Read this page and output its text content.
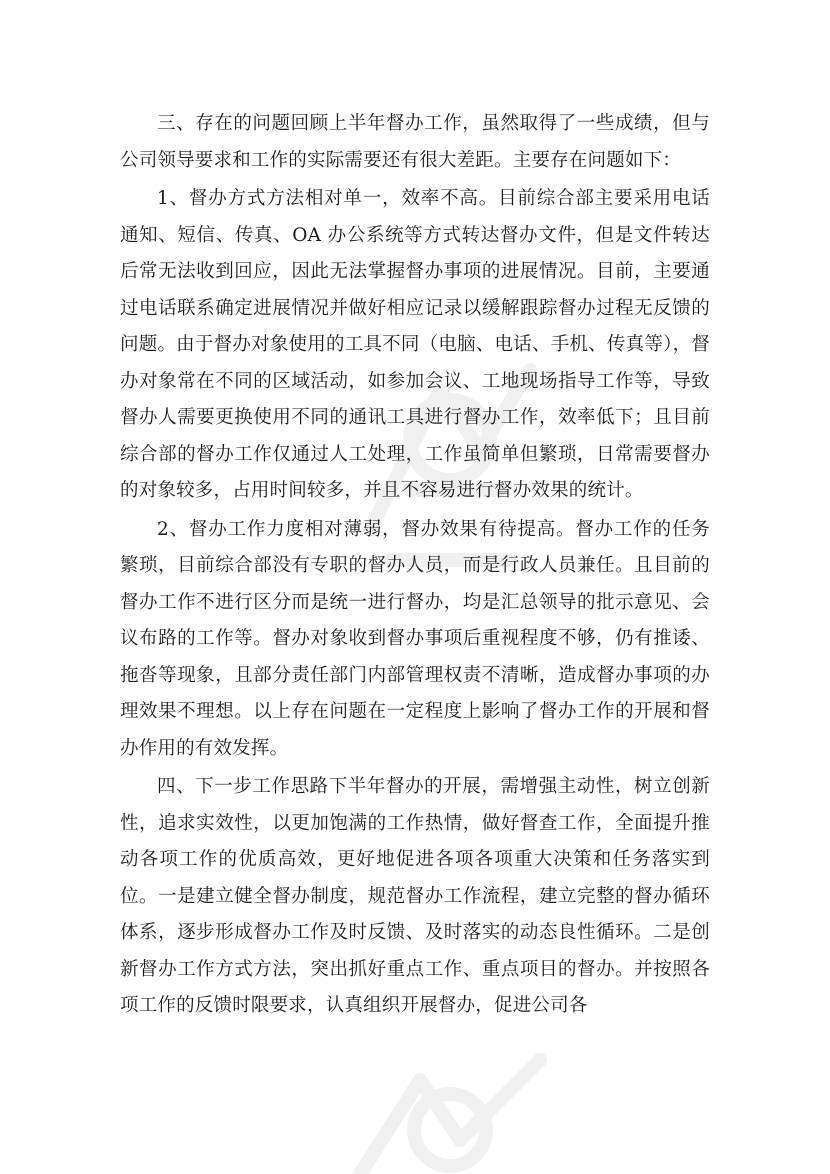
三、存在的问题回顾上半年督办工作，虽然取得了一些成绩，但与公司领导要求和工作的实际需要还有很大差距。主要存在问题如下：

1、督办方式方法相对单一，效率不高。目前综合部主要采用电话通知、短信、传真、OA 办公系统等方式转达督办文件，但是文件转达后常无法收到回应，因此无法掌握督办事项的进展情况。目前，主要通过电话联系确定进展情况并做好相应记录以缓解跟踪督办过程无反馈的问题。由于督办对象使用的工具不同（电脑、电话、手机、传真等），督办对象常在不同的区域活动，如参加会议、工地现场指导工作等，导致督办人需要更换使用不同的通讯工具进行督办工作，效率低下；且目前综合部的督办工作仅通过人工处理，工作虽简单但繁琐，日常需要督办的对象较多，占用时间较多，并且不容易进行督办效果的统计。

2、督办工作力度相对薄弱，督办效果有待提高。督办工作的任务繁琐，目前综合部没有专职的督办人员，而是行政人员兼任。且目前的督办工作不进行区分而是统一进行督办，均是汇总领导的批示意见、会议布路的工作等。督办对象收到督办事项后重视程度不够，仍有推诿、拖沓等现象，且部分责任部门内部管理权责不清晰，造成督办事项的办理效果不理想。以上存在问题在一定程度上影响了督办工作的开展和督办作用的有效发挥。

四、下一步工作思路下半年督办的开展，需增强主动性，树立创新性，追求实效性，以更加饱满的工作热情，做好督查工作，全面提升推动各项工作的优质高效，更好地促进各项各项重大决策和任务落实到位。一是建立健全督办制度，规范督办工作流程，建立完整的督办循环体系，逐步形成督办工作及时反馈、及时落实的动态良性循环。二是创新督办工作方式方法，突出抓好重点工作、重点项目的督办。并按照各项工作的反馈时限要求，认真组织开展督办，促进公司各
